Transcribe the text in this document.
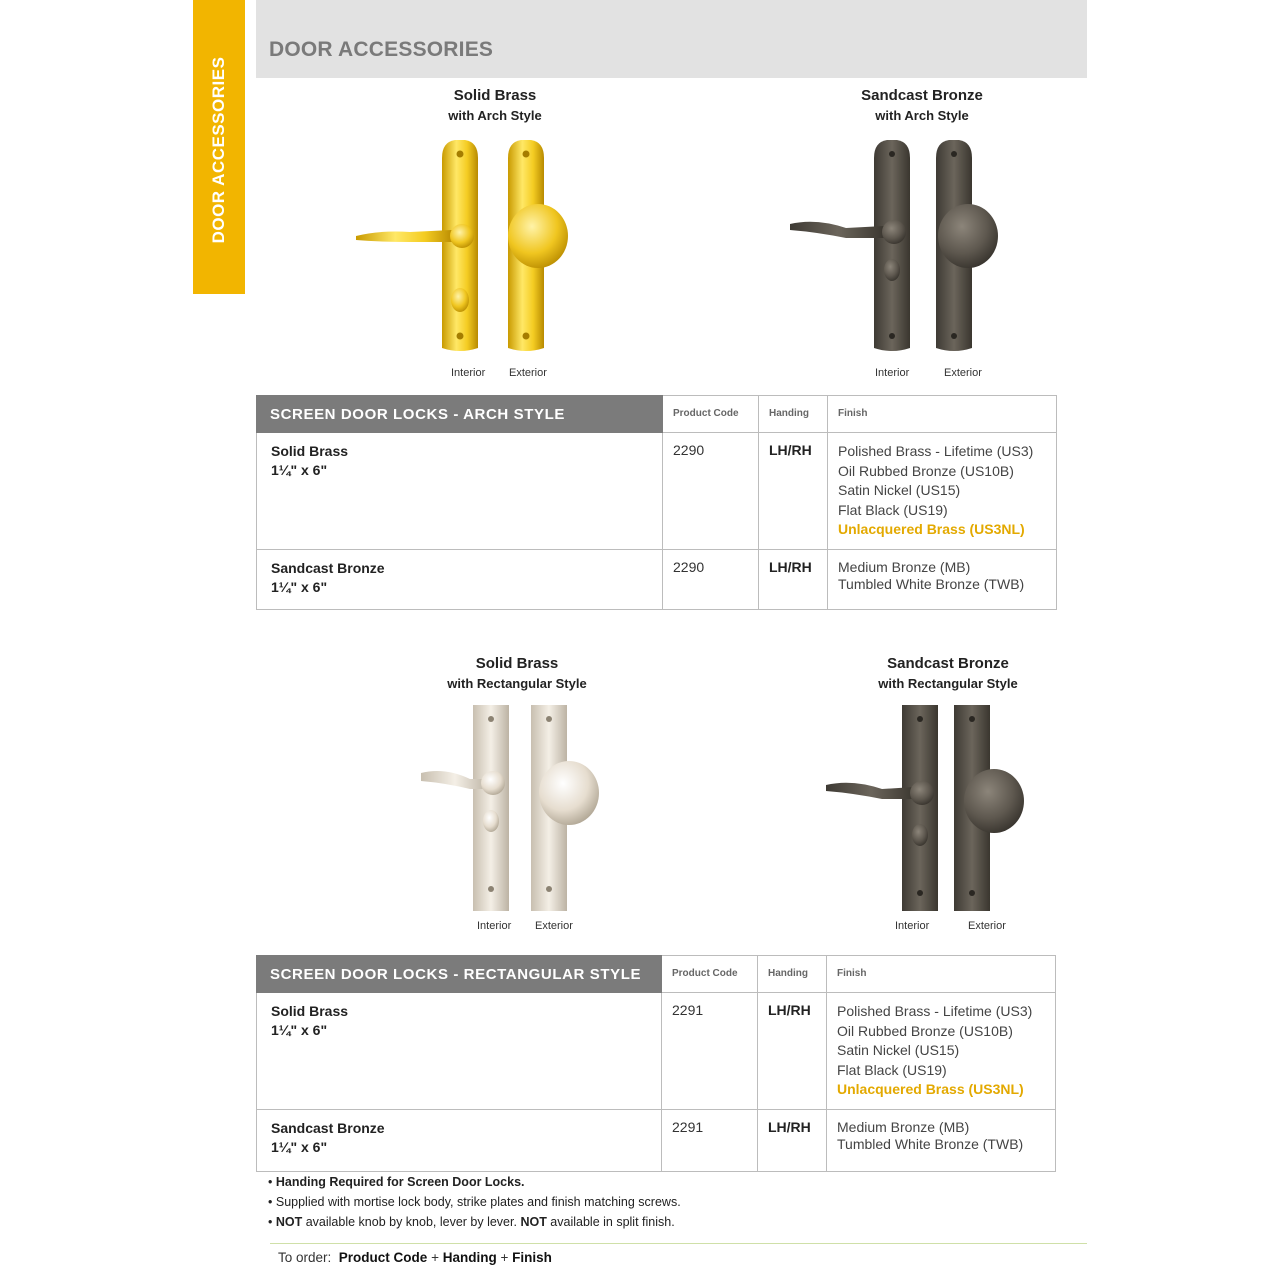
DOOR ACCESSORIES
DOOR ACCESSORIES
Solid Brass
with Arch Style
Interior Exterior
Sandcast Bronze
with Arch Style
Interior	Exterior
SCREEN DOOR LOCKS - ARCH STYLE	Product Code	Handing	Finish

Solid Brass
1¼" x 6"	2290	LH/RH	Polished Brass - Lifetime (US3)
Oil Rubbed Bronze (US10B)
Satin Nickel (US15)
Flat Black (US19)
Unlacquered Brass (US3NL)

Sandcast Bronze
1¼" x 6"	2290	LH/RH	Medium Bronze (MB)
Tumbled White Bronze (TWB)
Solid Brass
with Rectangular Style
Interior Exterior
Sandcast Bronze
with Rectangular Style
Interior	Exterior
SCREEN DOOR LOCKS - RECTANGULAR STYLE	Product Code	Handing	Finish

Solid Brass
1¼" x 6"	2291	LH/RH	Polished Brass - Lifetime (US3)
Oil Rubbed Bronze (US10B)
Satin Nickel (US15)
Flat Black (US19)
Unlacquered Brass (US3NL)

Sandcast Bronze
1¼" x 6"	2291	LH/RH	Medium Bronze (MB)
Tumbled White Bronze (TWB)
• Handing Required for Screen Door Locks.
• Supplied with mortise lock body, strike plates and finish matching screws.
• NOT available knob by knob, lever by lever. NOT available in split finish.
To order: Product Code + Handing + Finish
